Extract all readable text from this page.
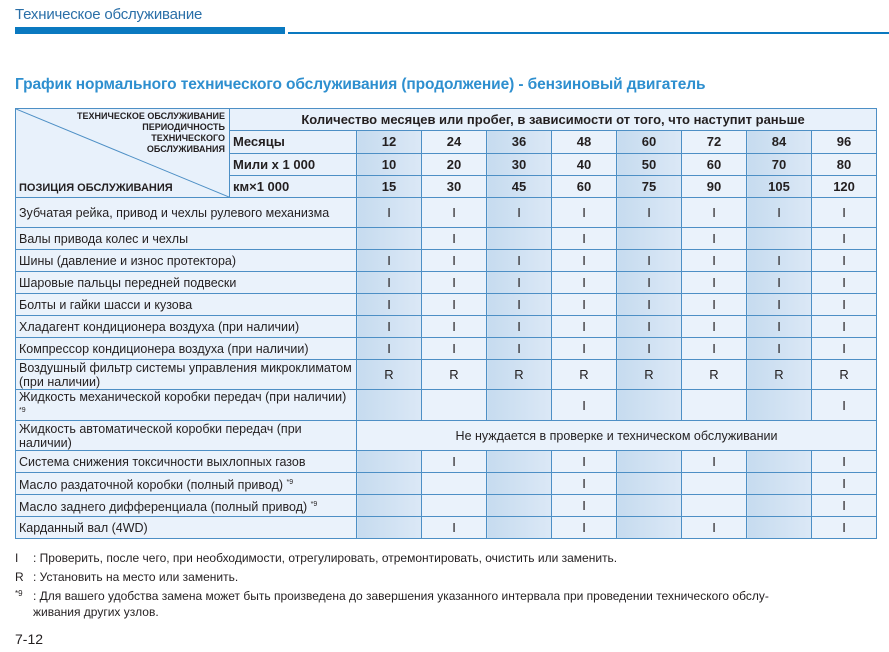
Техническое обслуживание
График нормального технического обслуживания (продолжение) - бензиновый двигатель
ТЕХНИЧЕСКОЕ ОБСЛУЖИВАНИЕ
ПЕРИОДИЧНОСТЬ
ТЕХНИЧЕСКОГО
ОБСЛУЖИВАНИЯ
ПОЗИЦИЯ ОБСЛУЖИВАНИЯ	Количество месяцев или пробег, в зависимости от того, что наступит раньше								
	Месяцы	12	24	36	48	60	72	84	96
	Мили x 1 000	10	20	30	40	50	60	70	80
	км×1 000	15	30	45	60	75	90	105	120
Зубчатая рейка, привод и чехлы рулевого механизма		I	I	I	I	I	I	I	I
Валы привода колес и чехлы			I		I		I		I
Шины (давление и износ протектора)		I	I	I	I	I	I	I	I
Шаровые пальцы передней подвески		I	I	I	I	I	I	I	I
Болты и гайки шасси и кузова		I	I	I	I	I	I	I	I
Хладагент кондиционера воздуха (при наличии)		I	I	I	I	I	I	I	I
Компрессор кондиционера воздуха (при наличии)		I	I	I	I	I	I	I	I
Воздушный фильтр системы управления микроклиматом (при наличии)		R	R	R	R	R	R	R	R
Жидкость механической коробки передач (при наличии) $^{*9}$					I				I
Жидкость автоматической коробки передач (при наличии)		Не нуждается в проверке и техническом обслуживании							
Система снижения токсичности выхлопных газов			I		I		I		I
Масло раздаточной коробки (полный привод) $^{*9}$					I				I
Масло заднего дифференциала (полный привод) $^{*9}$					I				I
Карданный вал (4WD)			I		I		I		I
I : Проверить, после чего, при необходимости, отрегулировать, отремонтировать, очистить или заменить.
R : Установить на место или заменить.
*9 : Для вашего удобства замена может быть произведена до завершения указанного интервала при проведении технического обслу-
живания других узлов.
7-12
